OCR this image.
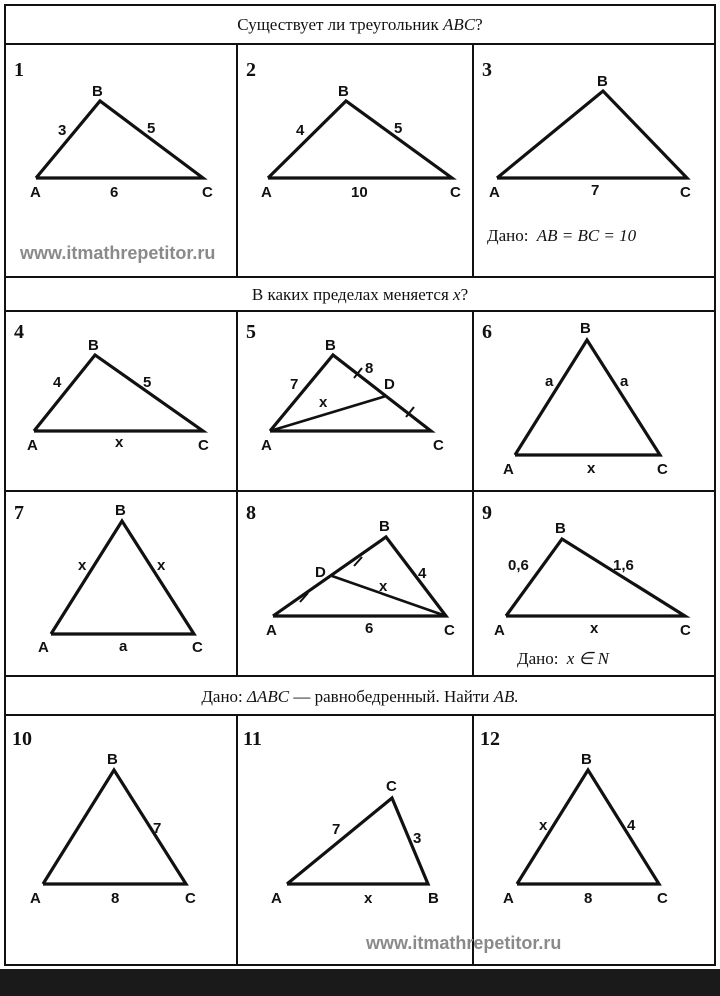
Существует ли треугольник ABC?
В каких пределах меняется x?
Дано: ΔABC — равнобедренный. Найти AB.
1
B
3	5
A	6	C
2
B
4	5
A	10	C
3
B
A	7	C
Дано: AB = BC = 10
www.itmathrepetitor.ru
4
B
4	5
A	x	C
5
B
7
8
D
x
A	C
6	B
a	a
A	x	C
7	B
x	x
A	a	C
8
B
D	4
x
A	6	C
9
B
0,6	1,6
A	x	C
Дано: x ∈ N
10
B
7
A	8	C
11
C
7
3
A	x	B
12
B
x	4
A	8	C
www.itmathrepetitor.ru
